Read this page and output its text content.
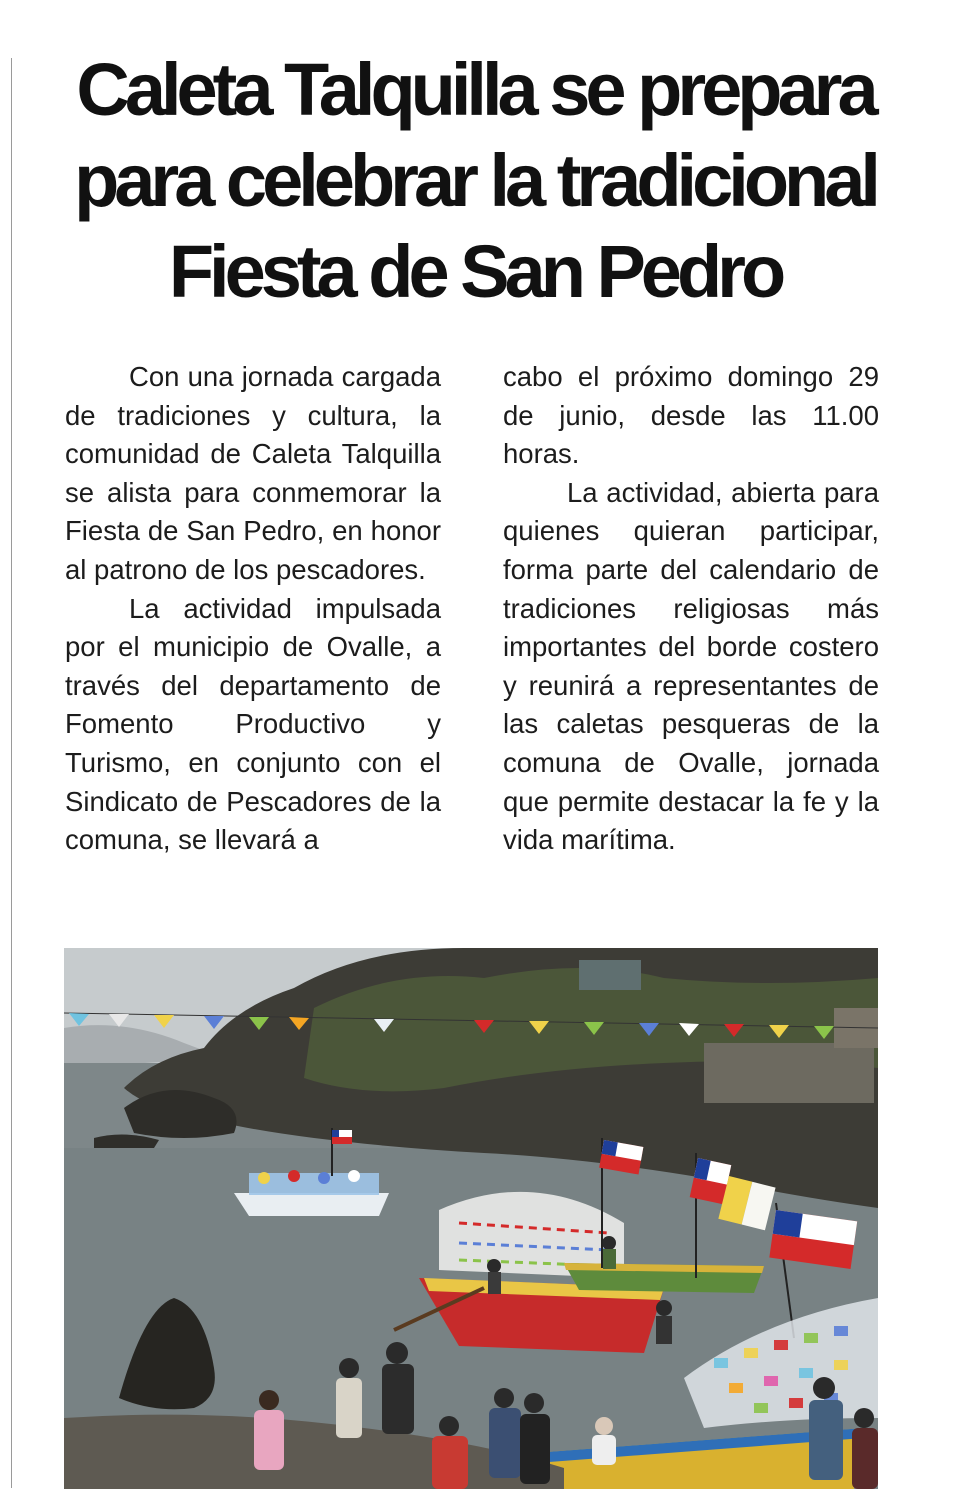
Caleta Talquilla se prepara
para celebrar la tradicional
Fiesta de San Pedro

Con una jornada cargada de tradiciones y cultura, la comunidad de Caleta Talquilla se alista para conmemorar la Fiesta de San Pedro, en honor al patrono de los pescadores.

La actividad impulsada por el municipio de Ovalle, a través del departamento de Fomento Productivo y Turismo, en conjunto con el Sindicato de Pescadores de la comuna, se llevará a

cabo el próximo domingo 29 de junio, desde las 11.00 horas.

La actividad, abierta para quienes quieran participar, forma parte del calendario de tradiciones religiosas más importantes del borde costero y reunirá a representantes de las caletas pesqueras de la comuna de Ovalle, jornada que permite destacar la fe y la vida marítima.
